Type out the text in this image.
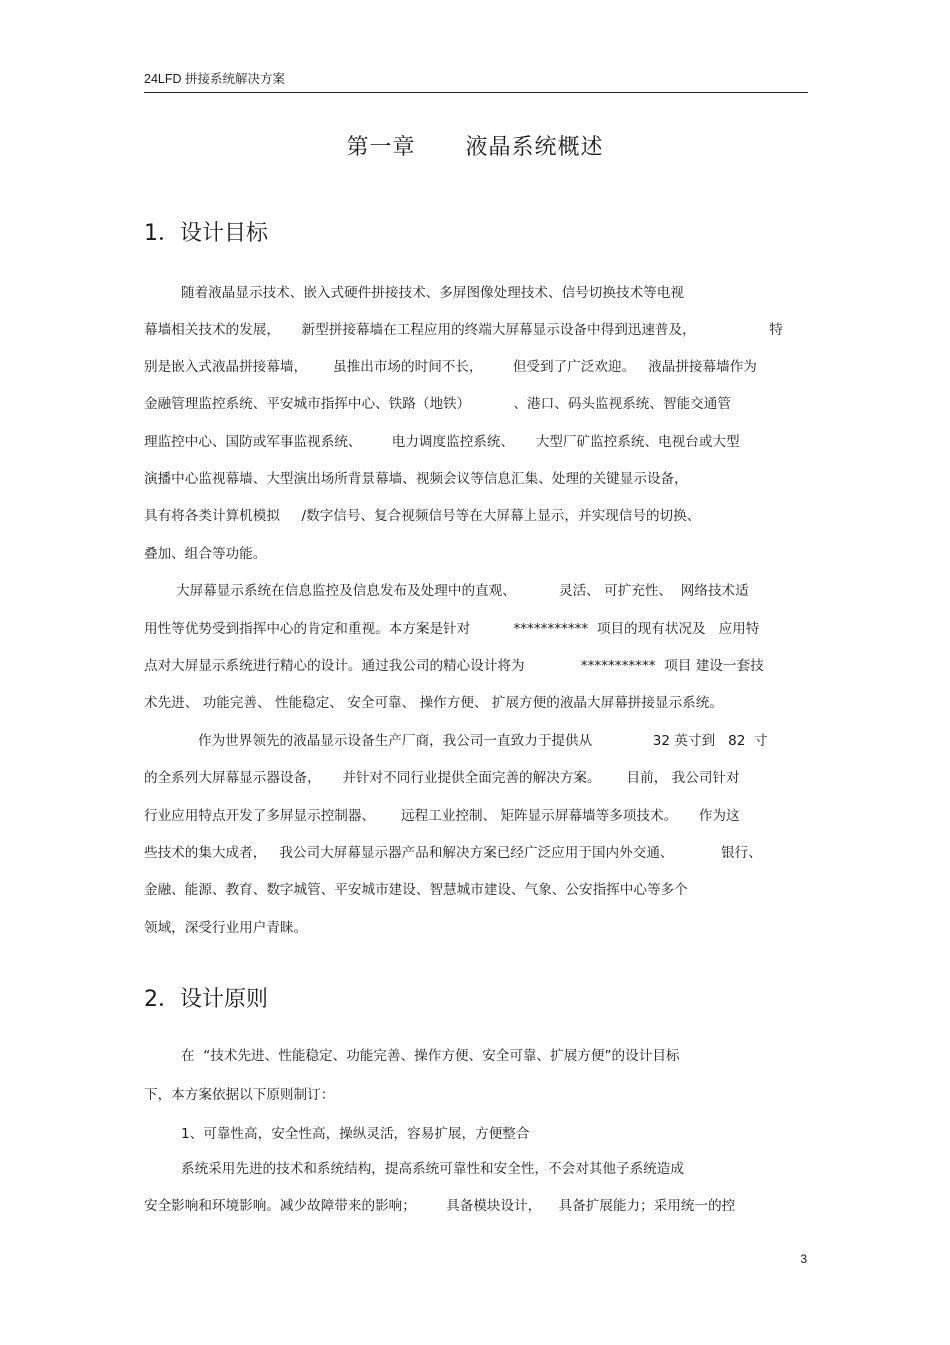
24LFD 拼接系统解决方案
第一章 液晶系统概述
1．设计目标
随着液晶显示技术、嵌入式硬件拼接技术、多屏图像处理技术、信号切换技术等电视
幕墙相关技术的发展，     新型拼接幕墙在工程应用的终端大屏幕显示设备中得到迅速普及，                 特
别是嵌入式液晶拼接幕墙，      虽推出市场的时间不长，       但受到了广泛欢迎。   液晶拼接幕墙作为
金融管理监控系统、平安城市指挥中心、铁路（地铁）          、港口、码头监视系统、智能交通管
理监控中心、国防或军事监视系统、       电力调度监控系统、     大型厂矿监控系统、电视台或大型
演播中心监视幕墙、大型演出场所背景幕墙、视频会议等信息汇集、处理的关键显示设备，
具有将各类计算机模拟     /数字信号、复合视频信号等在大屏幕上显示，并实现信号的切换、
叠加、组合等功能。
大屏幕显示系统在信息监控及信息发布及处理中的直观、          灵活、 可扩充性、  网络技术适
用性等优势受到指挥中心的肯定和重视。本方案是针对          ***********  项目的现有状况及   应用特
点对大屏显示系统进行精心的设计。通过我公司的精心设计将为             ***********  项目 建设一套技
术先进、 功能完善、 性能稳定、 安全可靠、 操作方便、 扩展方便的液晶大屏幕拼接显示系统。
作为世界领先的液晶显示设备生产厂商，我公司一直致力于提供从              32 英寸到   82  寸
的全系列大屏幕显示器设备，     并针对不同行业提供全面完善的解决方案。      目前， 我公司针对
行业应用特点开发了多屏显示控制器、      远程工业控制、 矩阵显示屏幕墙等多项技术。     作为这
些技术的集大成者，   我公司大屏幕显示器产品和解决方案已经广泛应用于国内外交通、           银行、
金融、能源、教育、数字城管、平安城市建设、智慧城市建设、气象、公安指挥中心等多个
领域，深受行业用户青睐。
2．设计原则
在  “技术先进、性能稳定、功能完善、操作方便、安全可靠、扩展方便”的设计目标
下，本方案依据以下原则制订：
1、可靠性高，安全性高，操纵灵活，容易扩展，方便整合
系统采用先进的技术和系统结构，提高系统可靠性和安全性，不会对其他子系统造成
安全影响和环境影响。减少故障带来的影响；       具备模块设计，    具备扩展能力；采用统一的控
3
